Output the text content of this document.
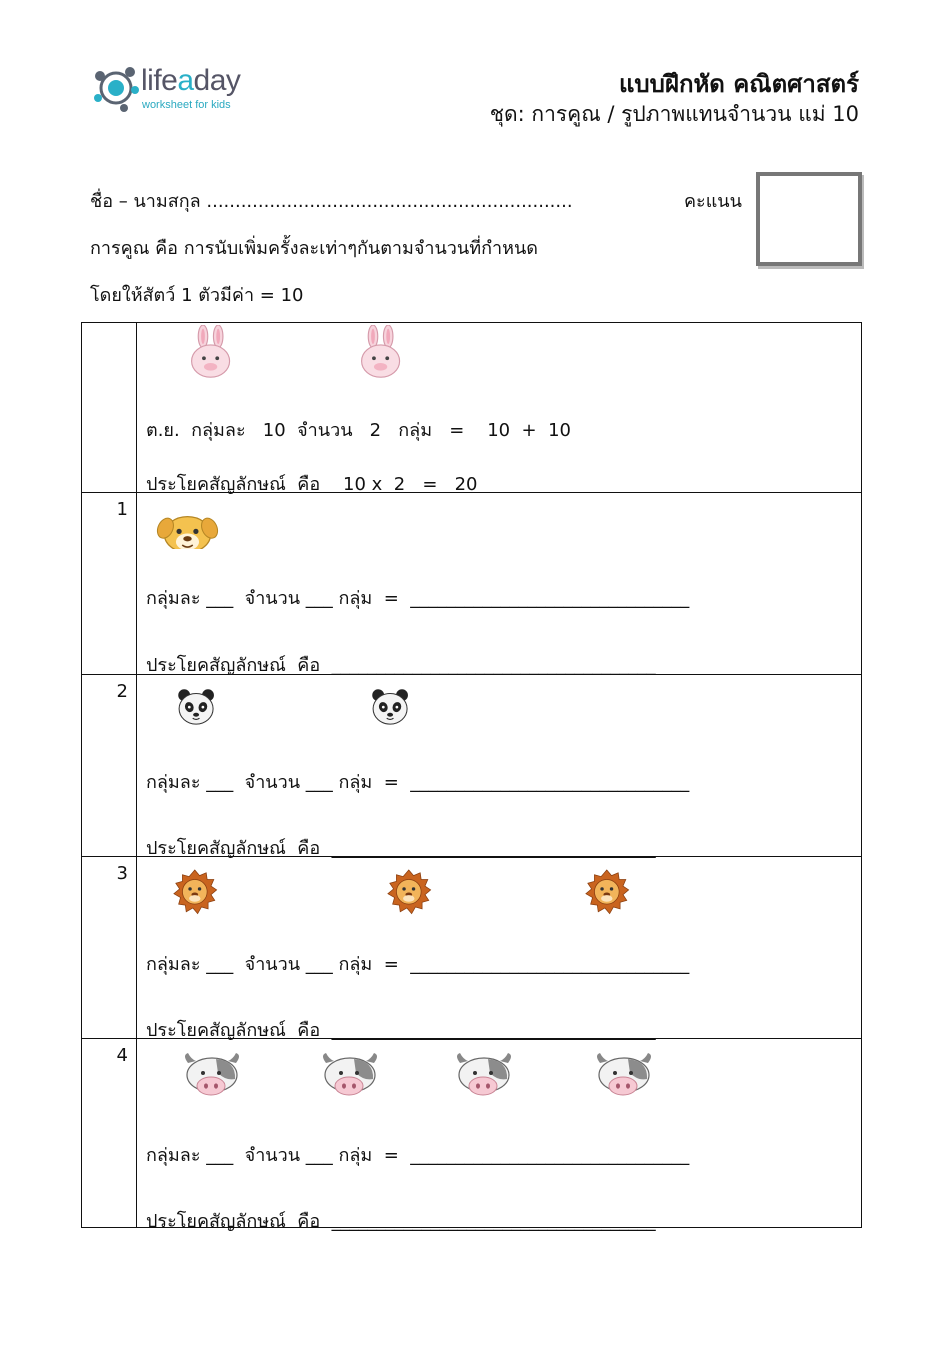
lifeaday
worksheet for kids
แบบฝึกหัด คณิตศาสตร์
ชุด: การคูณ / รูปภาพแทนจำนวน แม่ 10
ชื่อ – นามสกุล ................................................................	คะแนน
การคูณ คือ การนับเพิ่มครั้งละเท่าๆกันตามจำนวนที่กำหนด
โดยให้สัตว์ 1 ตัวมีค่า = 10
ต.ย.  กลุ่มละ   10  จำนวน   2   กลุ่ม   =    10  +  10
ประโยคสัญลักษณ์  คือ    10 x  2   =   20
1
กลุ่มละ ___  จำนวน ___ กลุ่ม  =  _______________________________
ประโยคสัญลักษณ์  คือ  ____________________________________
2
กลุ่มละ ___  จำนวน ___ กลุ่ม  =  _______________________________
ประโยคสัญลักษณ์  คือ  ____________________________________
3
กลุ่มละ ___  จำนวน ___ กลุ่ม  =  _______________________________
ประโยคสัญลักษณ์  คือ  ____________________________________
4
กลุ่มละ ___  จำนวน ___ กลุ่ม  =  _______________________________
ประโยคสัญลักษณ์  คือ  ____________________________________
